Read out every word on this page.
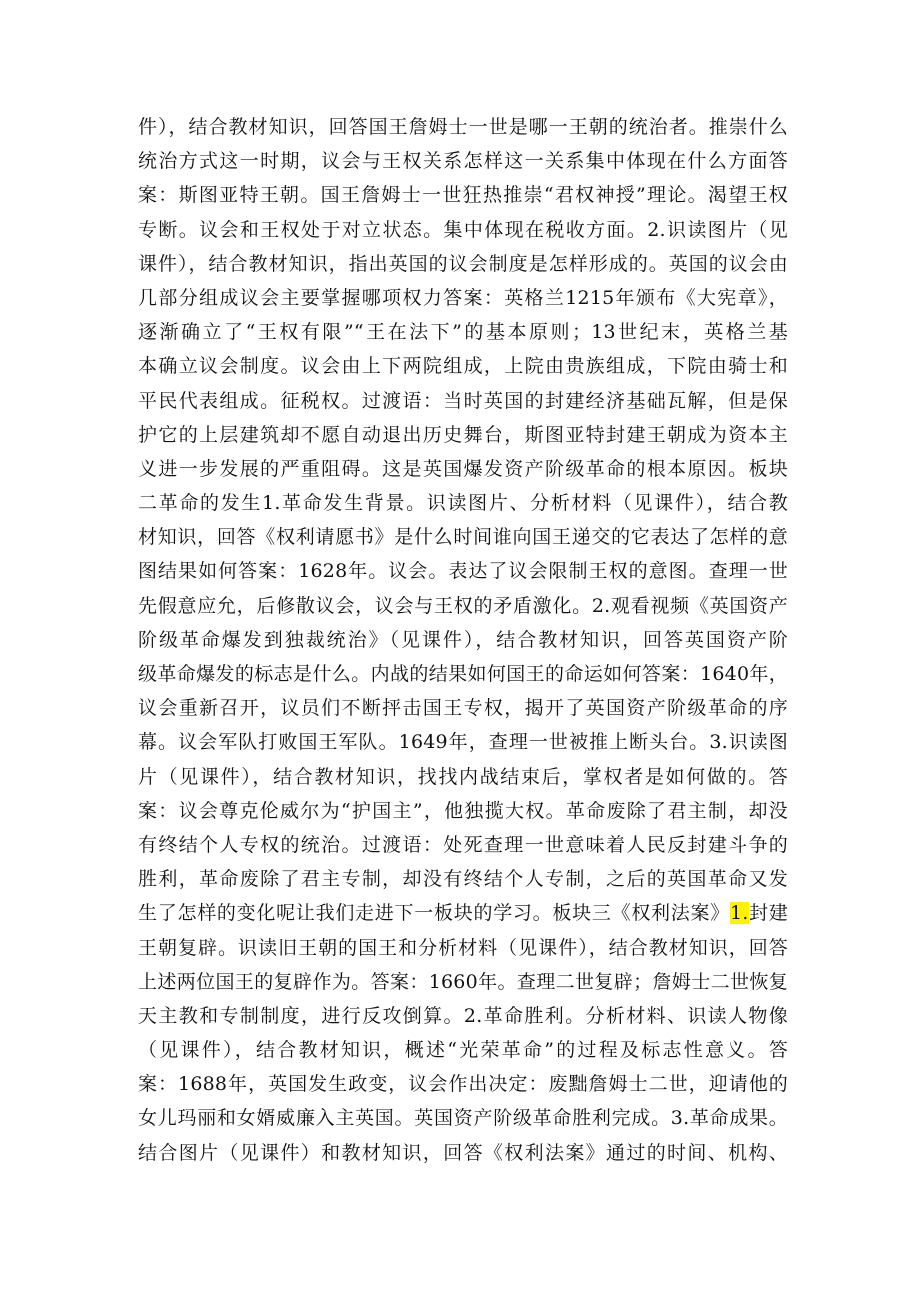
件），结合教材知识，回答国王詹姆士一世是哪一王朝的统治者。推崇什么
统治方式这一时期，议会与王权关系怎样这一关系集中体现在什么方面答
案：斯图亚特王朝。国王詹姆士一世狂热推崇“君权神授”理论。渴望王权
专断。议会和王权处于对立状态。集中体现在税收方面。2.识读图片（见
课件），结合教材知识，指出英国的议会制度是怎样形成的。英国的议会由
几部分组成议会主要掌握哪项权力答案：英格兰1215年颁布《大宪章》，
逐渐确立了“王权有限”“王在法下”的基本原则；13世纪末，英格兰基
本确立议会制度。议会由上下两院组成，上院由贵族组成，下院由骑士和
平民代表组成。征税权。过渡语：当时英国的封建经济基础瓦解，但是保
护它的上层建筑却不愿自动退出历史舞台，斯图亚特封建王朝成为资本主
义进一步发展的严重阻碍。这是英国爆发资产阶级革命的根本原因。板块
二革命的发生1.革命发生背景。识读图片、分析材料（见课件），结合教
材知识，回答《权利请愿书》是什么时间谁向国王递交的它表达了怎样的意
图结果如何答案：1628年。议会。表达了议会限制王权的意图。查理一世
先假意应允，后修散议会，议会与王权的矛盾激化。2.观看视频《英国资产
阶级革命爆发到独裁统治》（见课件），结合教材知识，回答英国资产阶
级革命爆发的标志是什么。内战的结果如何国王的命运如何答案：1640年，
议会重新召开，议员们不断抨击国王专权，揭开了英国资产阶级革命的序
幕。议会军队打败国王军队。1649年，查理一世被推上断头台。3.识读图
片（见课件），结合教材知识，找找内战结束后，掌权者是如何做的。答
案：议会尊克伦威尔为“护国主”，他独揽大权。革命废除了君主制，却没
有终结个人专权的统治。过渡语：处死查理一世意味着人民反封建斗争的
胜利，革命废除了君主专制，却没有终结个人专制，之后的英国革命又发
生了怎样的变化呢让我们走进下一板块的学习。板块三《权利法案》1.封建
王朝复辟。识读旧王朝的国王和分析材料（见课件），结合教材知识，回答
上述两位国王的复辟作为。答案：1660年。查理二世复辟；詹姆士二世恢复
天主教和专制制度，进行反攻倒算。2.革命胜利。分析材料、识读人物像
（见课件），结合教材知识，概述“光荣革命”的过程及标志性意义。答
案：1688年，英国发生政变，议会作出决定：废黜詹姆士二世，迎请他的
女儿玛丽和女婿威廉入主英国。英国资产阶级革命胜利完成。3.革命成果。
结合图片（见课件）和教材知识，回答《权利法案》通过的时间、机构、
